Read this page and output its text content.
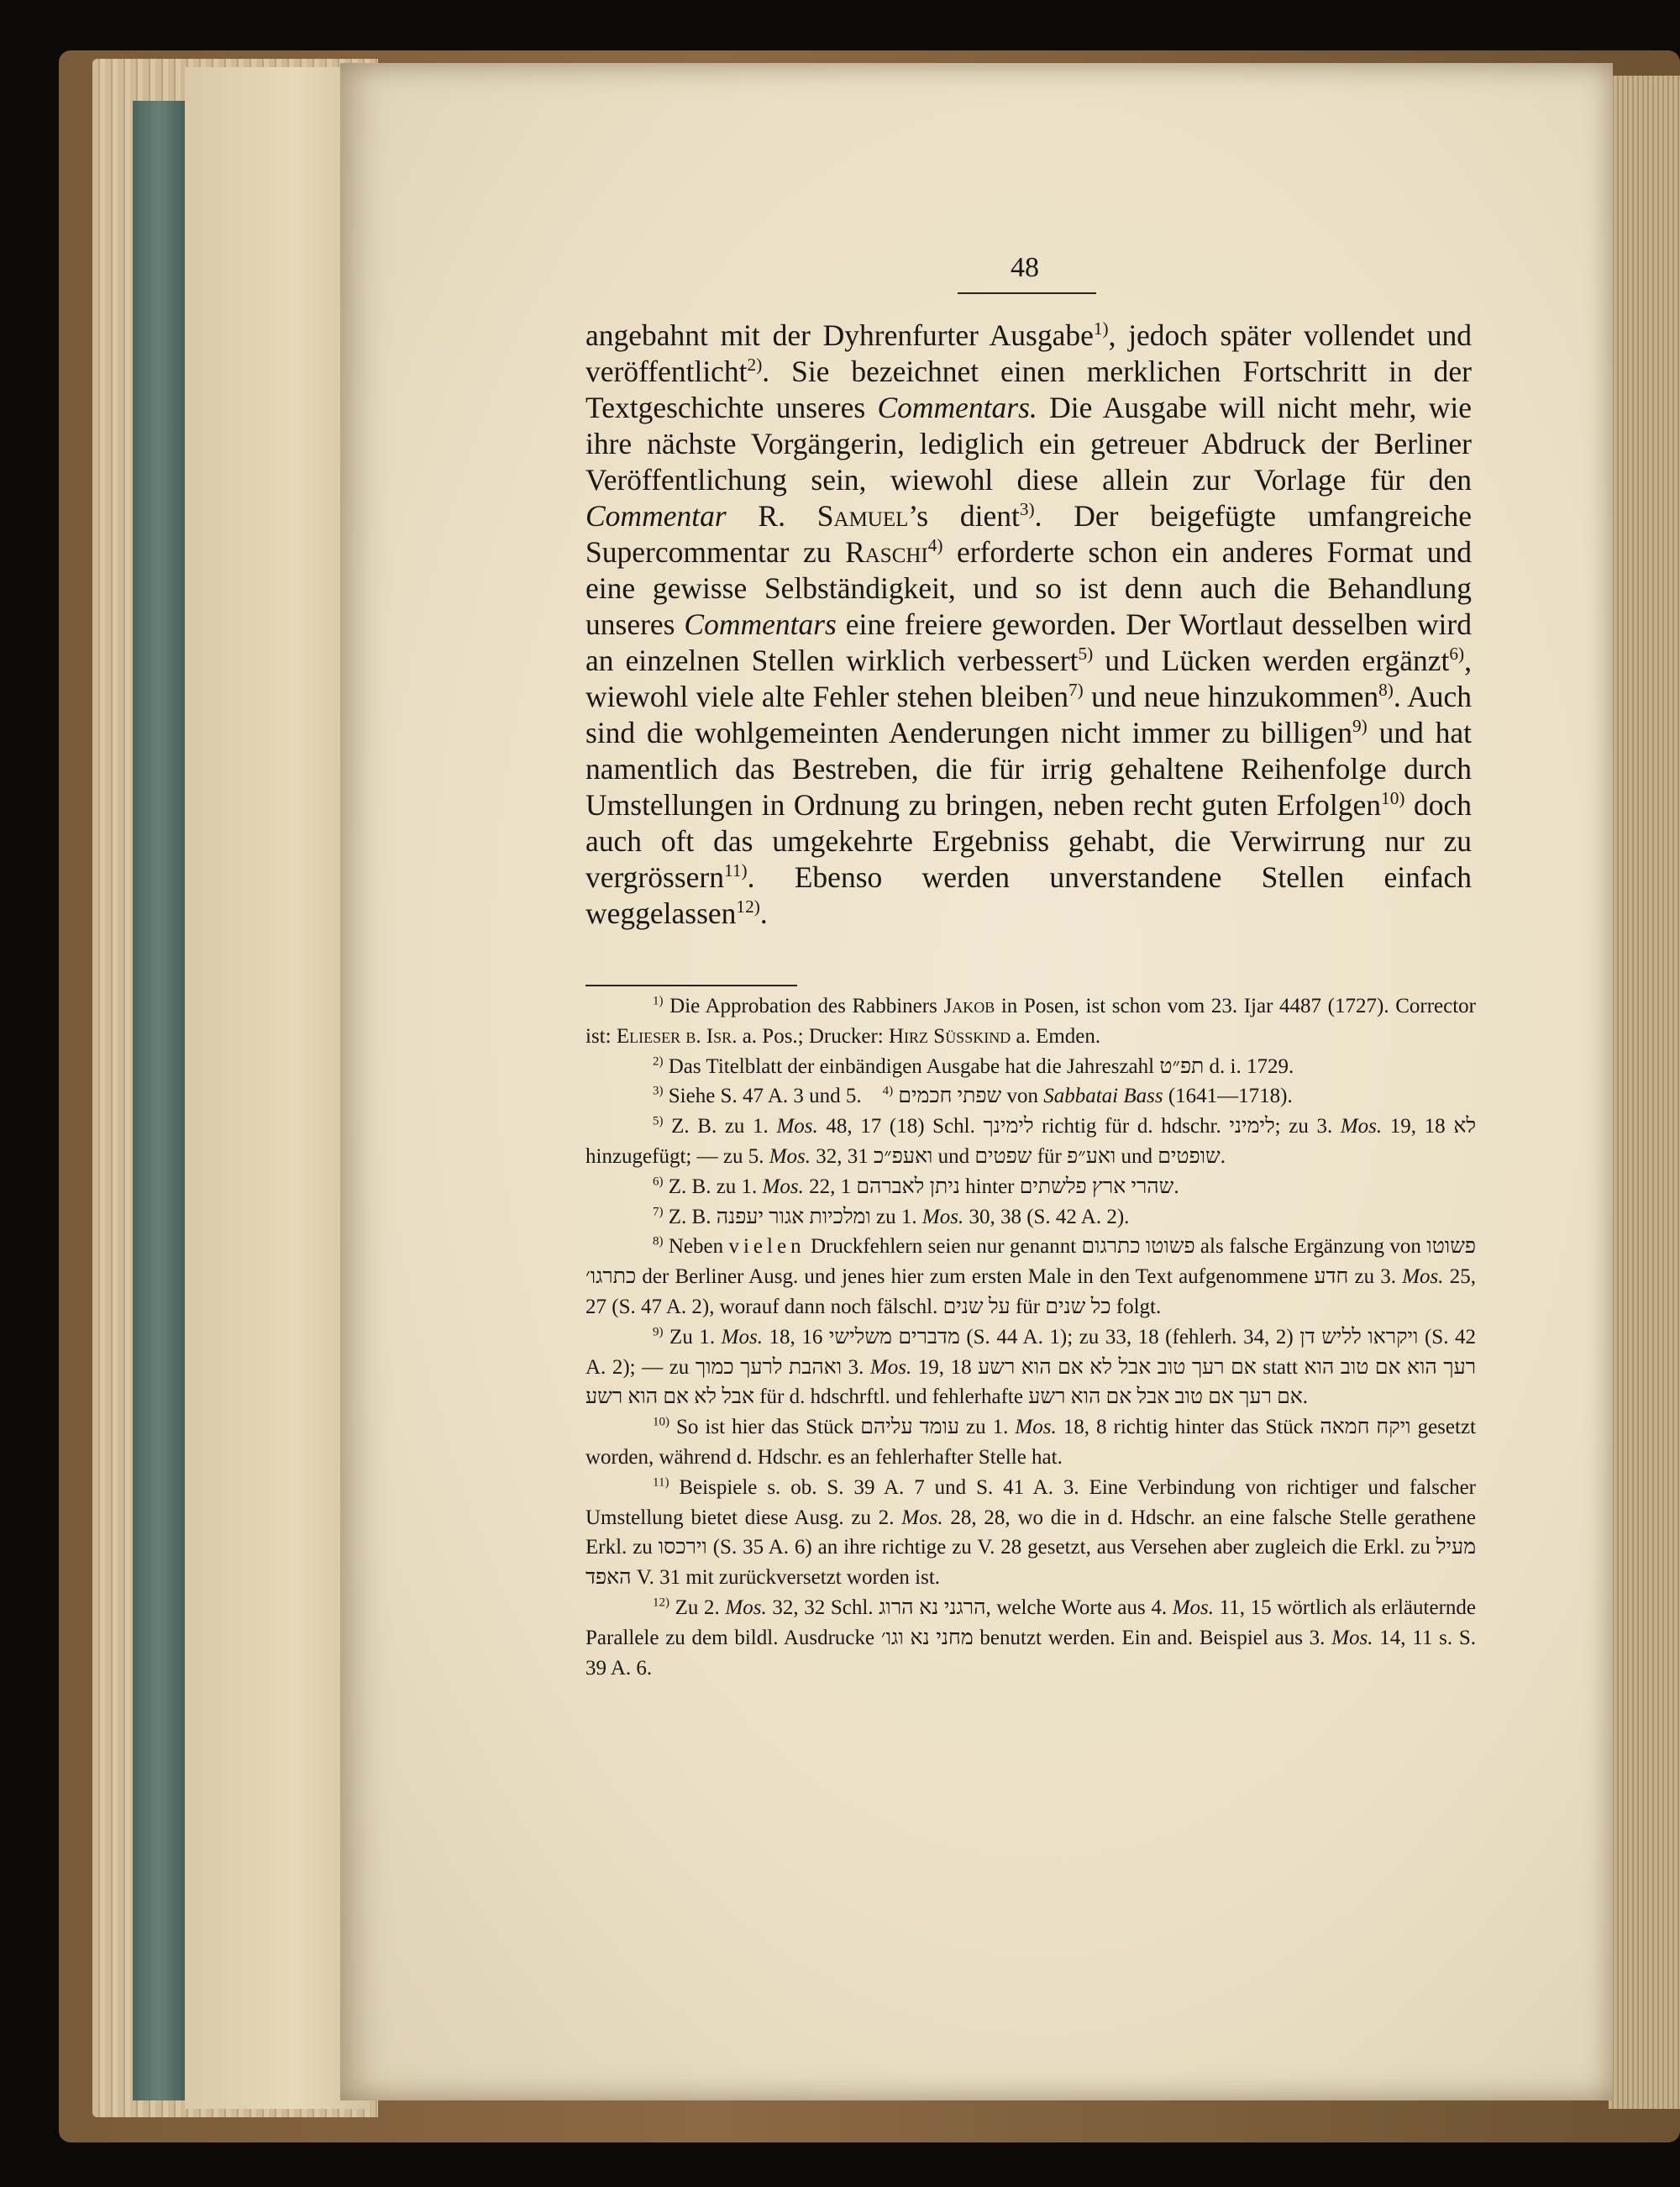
48
angebahnt mit der Dyhrenfurter Ausgabe$^{1)}$, jedoch später vollendet und veröffentlicht$^{2)}$. Sie bezeichnet einen merklichen Fortschritt in der Textgeschichte unseres Commentars. Die Ausgabe will nicht mehr, wie ihre nächste Vorgängerin, lediglich ein getreuer Abdruck der Berliner Veröffentlichung sein, wiewohl diese allein zur Vorlage für den Commentar R. Samuel’s dient$^{3)}$. Der beigefügte umfangreiche Supercommentar zu Raschi$^{4)}$ erforderte schon ein anderes Format und eine gewisse Selbständigkeit, und so ist denn auch die Behandlung unseres Commentars eine freiere geworden. Der Wortlaut desselben wird an einzelnen Stellen wirklich verbessert$^{5)}$ und Lücken werden ergänzt$^{6)}$, wiewohl viele alte Fehler stehen bleiben$^{7)}$ und neue hinzukommen$^{8)}$. Auch sind die wohlgemeinten Aenderungen nicht immer zu billigen$^{9)}$ und hat namentlich das Bestreben, die für irrig gehaltene Reihenfolge durch Umstellungen in Ordnung zu bringen, neben recht guten Erfolgen$^{10)}$ doch auch oft das umgekehrte Ergebniss gehabt, die Verwirrung nur zu vergrössern$^{11)}$. Ebenso werden unverstandene Stellen einfach weggelassen$^{12)}$.

$^{1)}$ Die Approbation des Rabbiners Jakob in Posen, ist schon vom 23. Ijar 4487 (1727). Corrector ist: Elieser b. Isr. a. Pos.; Drucker: Hirz Süsskind a. Emden.

$^{2)}$ Das Titelblatt der einbändigen Ausgabe hat die Jahreszahl תפ״ט d. i. 1729.

$^{3)}$ Siehe S. 47 A. 3 und 5. $^{4)}$ שפתי חכמים von Sabbatai Bass (1641—1718).

$^{5)}$ Z. B. zu 1. Mos. 48, 17 (18) Schl. לימינך richtig für d. hdschr. לימיני; zu 3. Mos. 19, 18 לא hinzugefügt; — zu 5. Mos. 32, 31 ואעפ״כ und שפטים für ואע״פ und שופטים.

$^{6)}$ Z. B. zu 1. Mos. 22, 1 ניתן לאברהם hinter שהרי ארץ פלשתים.

$^{7)}$ Z. B. ומלכיות אגור יעפנה zu 1. Mos. 30, 38 (S. 42 A. 2).

$^{8)}$ Neben vielen Druckfehlern seien nur genannt פשוטו כתרגום als falsche Ergänzung von פשוטו כתרגו׳ der Berliner Ausg. und jenes hier zum ersten Male in den Text aufgenommene חדע zu 3. Mos. 25, 27 (S. 47 A. 2), worauf dann noch fälschl. על שנים für כל שנים folgt.

$^{9)}$ Zu 1. Mos. 18, 16 מדברים משלישי (S. 44 A. 1); zu 33, 18 (fehlerh. 34, 2) ויקראו לליש דן (S. 42 A. 2); — zu ואהבת לרעך כמוך 3. Mos. 19, 18 אם רעך טוב אבל לא אם הוא רשע statt רעך הוא אם טוב הוא אבל לא אם הוא רשע für d. hdschrftl. und fehlerhafte אם רעך אם טוב אבל אם הוא רשע.

$^{10)}$ So ist hier das Stück עומד עליהם zu 1. Mos. 18, 8 richtig hinter das Stück ויקח חמאה gesetzt worden, während d. Hdschr. es an fehlerhafter Stelle hat.

$^{11)}$ Beispiele s. ob. S. 39 A. 7 und S. 41 A. 3. Eine Verbindung von richtiger und falscher Umstellung bietet diese Ausg. zu 2. Mos. 28, 28, wo die in d. Hdschr. an eine falsche Stelle gerathene Erkl. zu וירכסו (S. 35 A. 6) an ihre richtige zu V. 28 gesetzt, aus Versehen aber zugleich die Erkl. zu מעיל האפד V. 31 mit zurückversetzt worden ist.

$^{12)}$ Zu 2. Mos. 32, 32 Schl. הרגני נא הרוג, welche Worte aus 4. Mos. 11, 15 wörtlich als erläuternde Parallele zu dem bildl. Ausdrucke מחני נא וגו׳ benutzt werden. Ein and. Beispiel aus 3. Mos. 14, 11 s. S. 39 A. 6.
